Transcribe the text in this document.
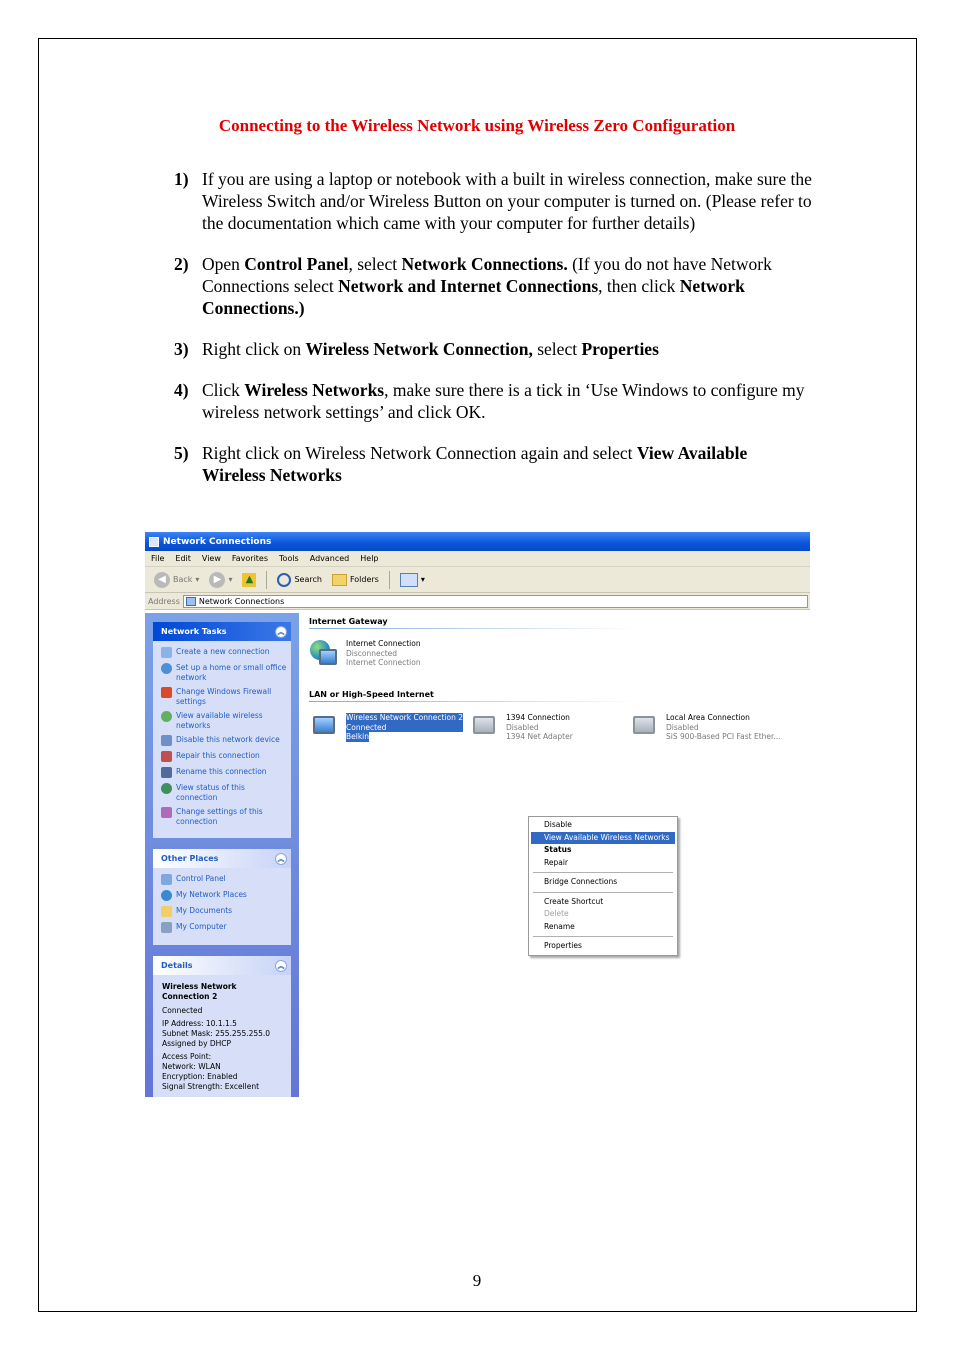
Connecting to the Wireless Network using Wireless Zero Configuration
1) If you are using a laptop or notebook with a built in wireless connection, make sure the Wireless Switch and/or Wireless Button on your computer is turned on. (Please refer to the documentation which came with your computer for further details)
2) Open Control Panel, select Network Connections. (If you do not have Network Connections select Network and Internet Connections, then click Network Connections.)
3) Right click on Wireless Network Connection, select Properties
4) Click Wireless Networks, make sure there is a tick in ‘Use Windows to configure my wireless network settings’ and click OK.
5) Right click on Wireless Network Connection again and select View Available Wireless Networks
Network Connections
File Edit View Favorites Tools Advanced Help
◀ Back ▾	▶ ▾	▲	Search	Folders	▾
Address Network Connections
Network Tasks	︽
Create a new connection
Set up a home or small office network
Change Windows Firewall settings
View available wireless networks
Disable this network device
Repair this connection
Rename this connection
View status of this connection
Change settings of this connection
Other Places	︽
Control Panel
My Network Places
My Documents
My Computer
Details	︽

Wireless Network Connection 2

Connected

IP Address: 10.1.1.5
Subnet Mask: 255.255.255.0

Assigned by DHCP

Access Point:
Network: WLAN
Encryption: Enabled
Signal Strength: Excellent
Internet Gateway
Internet Connection
Disconnected
Internet Connection
LAN or High-Speed Internet
Wireless Network Connection 2
Connected
Belkin
1394 Connection
Disabled
1394 Net Adapter
Local Area Connection
Disabled
SiS 900-Based PCI Fast Ether...
Disable
View Available Wireless Networks
Status
Repair
Bridge Connections
Create Shortcut
Delete
Rename
Properties
9
